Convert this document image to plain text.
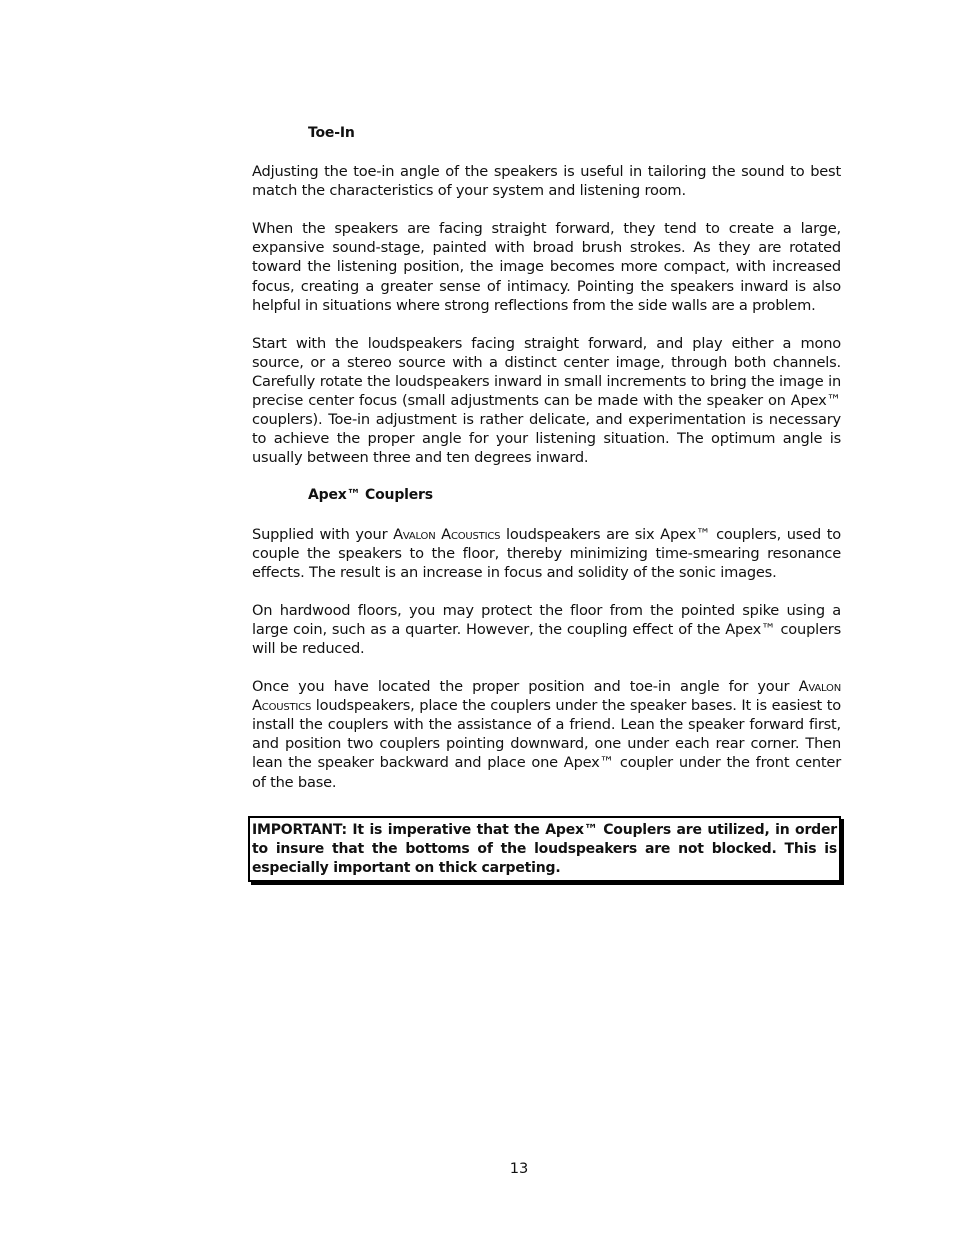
Toe-In

Adjusting the toe-in angle of the speakers is useful in tailoring the sound to best match the characteristics of your system and listening room.

When the speakers are facing straight forward, they tend to create a large, expansive sound-stage, painted with broad brush strokes. As they are rotated toward the listening position, the image becomes more compact, with increased focus, creating a greater sense of intimacy. Pointing the speakers inward is also helpful in situations where strong reflections from the side walls are a problem.

Start with the loudspeakers facing straight forward, and play either a mono source, or a stereo source with a distinct center image, through both channels. Carefully rotate the loudspeakers inward in small increments to bring the image in precise center focus (small adjustments can be made with the speaker on Apex™ couplers). Toe-in adjustment is rather delicate, and experimentation is necessary to achieve the proper angle for your listening situation. The optimum angle is usually between three and ten degrees inward.

Apex™ Couplers

Supplied with your Avalon Acoustics loudspeakers are six Apex™ couplers, used to couple the speakers to the floor, thereby minimizing time-smearing resonance effects. The result is an increase in focus and solidity of the sonic images.

On hardwood floors, you may protect the floor from the pointed spike using a large coin, such as a quarter. However, the coupling effect of the Apex™ couplers will be reduced.

Once you have located the proper position and toe-in angle for your Avalon Acoustics loudspeakers, place the couplers under the speaker bases. It is easiest to install the couplers with the assistance of a friend. Lean the speaker forward first, and position two couplers pointing downward, one under each rear corner. Then lean the speaker backward and place one Apex™ coupler under the front center of the base.

IMPORTANT: It is imperative that the Apex™ Couplers are utilized, in order to insure that the bottoms of the loudspeakers are not blocked. This is especially important on thick carpeting.

13
